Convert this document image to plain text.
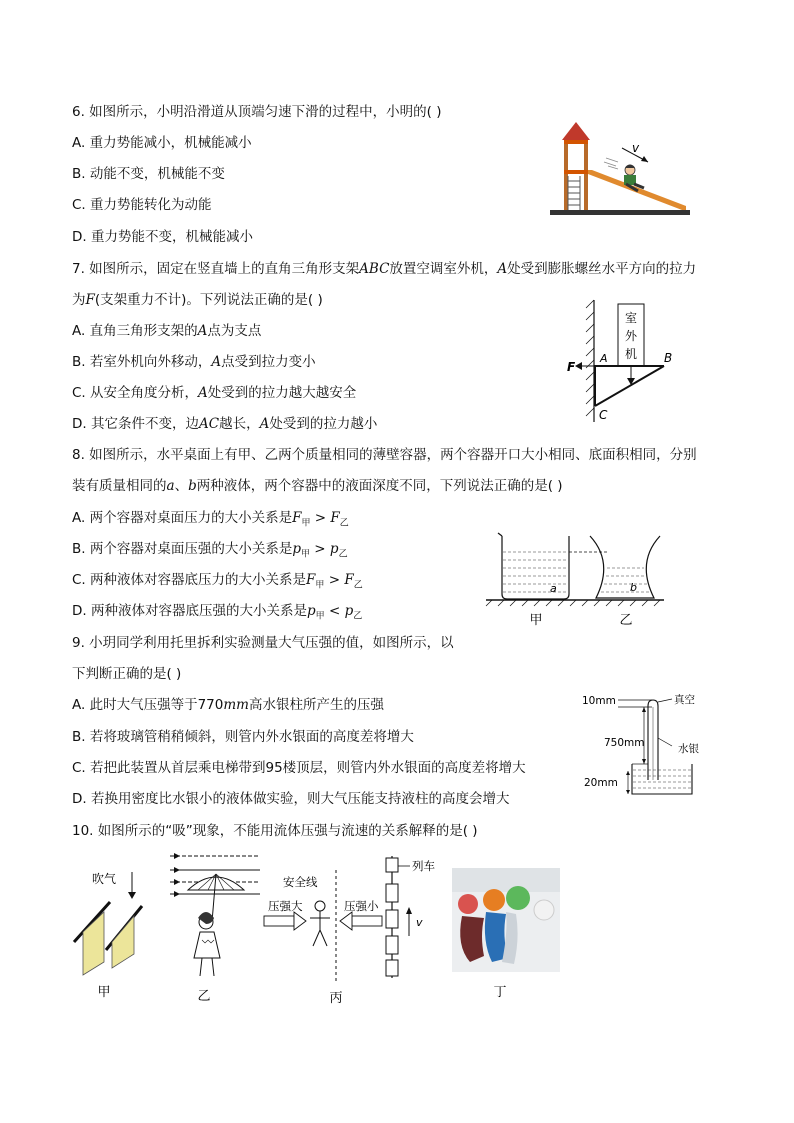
6. 如图所示，小明沿滑道从顶端匀速下滑的过程中，小明的( )
A. 重力势能减小，机械能减小
B. 动能不变，机械能不变
C. 重力势能转化为动能
D. 重力势能不变，机械能减小
v
7. 如图所示，固定在竖直墙上的直角三角形支架ABC放置空调室外机，A处受到膨胀螺丝水平方向的拉力
为F(支架重力不计)。下列说法正确的是( )
A. 直角三角形支架的A点为支点
B. 若室外机向外移动，A点受到拉力变小
C. 从安全角度分析，A处受到的拉力越大越安全
D. 其它条件不变，边AC越长，A处受到的拉力越小
室
外
机
F
A	B
C
8. 如图所示，水平桌面上有甲、乙两个质量相同的薄壁容器，两个容器开口大小相同、底面积相同，分别
装有质量相同的a、b两种液体，两个容器中的液面深度不同，下列说法正确的是( )
A. 两个容器对桌面压力的大小关系是$F_甲 > F_乙$
B. 两个容器对桌面压强的大小关系是$p_甲 > p_乙$
C. 两种液体对容器底压力的大小关系是$F_甲 > F_乙$
D. 两种液体对容器底压强的大小关系是$p_甲 < p_乙$
a	b
甲	乙
9. 小玥同学利用托里拆利实验测量大气压强的值，如图所示，以
下判断正确的是( )
A. 此时大气压强等于770mm高水银柱所产生的压强
B. 若将玻璃管稍稍倾斜，则管内外水银面的高度差将增大
C. 若把此装置从首层乘电梯带到95楼顶层，则管内外水银面的高度差将增大
D. 若换用密度比水银小的液体做实验，则大气压能支持液柱的高度会增大
10mm
750mm
真空
水银
20mm
10. 如图所示的“吸”现象，不能用流体压强与流速的关系解释的是( )
吹气
甲	乙
安全线
压强大	压强小
列车
v
丙	丁
